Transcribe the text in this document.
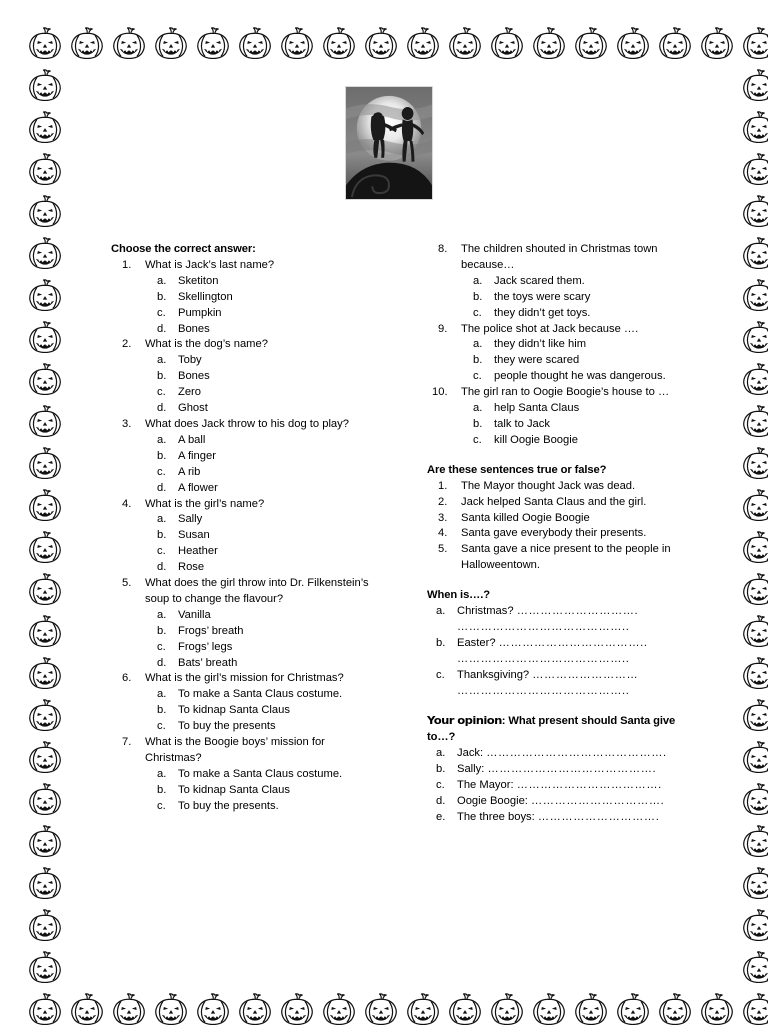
Choose the correct answer:
1.	What is Jack’s last name?
a. Sketiton
b. Skellington
c. Pumpkin
d. Bones
2.	What is the dog’s name?
a. Toby
b. Bones
c. Zero
d. Ghost
3.	What does Jack throw to his dog to play?
a. A ball
b. A finger
c. A rib
d. A flower
4.	What is the girl’s name?
a. Sally
b. Susan
c. Heather
d. Rose
5.	What does the girl throw into Dr. Filkenstein’s soup to change the flavour?
a. Vanilla
b. Frogs’ breath
c. Frogs’ legs
d. Bats’ breath
6.	What is the girl’s mission for Christmas?
a. To make a Santa Claus costume.
b. To kidnap Santa Claus
c. To buy the presents
7.	What is the Boogie boys’ mission for Christmas?
a. To make a Santa Claus costume.
b. To kidnap Santa Claus
c. To buy the presents.
8.	The children shouted in Christmas town because…
a. Jack scared them.
b. the toys were scary
c. they didn’t get toys.
9.	The police shot at Jack because ….
a. they didn’t like him
b. they were scared
c. people thought he was dangerous.
10.	The girl ran to Oogie Boogie’s house to …
a. help Santa Claus
b. talk to Jack
c. kill Oogie Boogie
Are these sentences true or false?
1.	The Mayor thought Jack was dead.
2.	Jack helped Santa Claus and the girl.
3.	Santa killed Oogie Boogie
4.	Santa gave everybody their presents.
5.	Santa gave a nice present to the people in Halloweentown.
When is….?
a. Christmas? ………………………….
……………………………………..
b. Easter? ………………………………..
……………………………………..
c. Thanksgiving? ………………………
……………………………………..
Your opinion: What present should Santa give to…?
a. Jack: ……………………………………….
b. Sally: …………………………………….
c. The Mayor: ……………………………….
d. Oogie Boogie: …………………………….
e. The three boys: ………………………….
